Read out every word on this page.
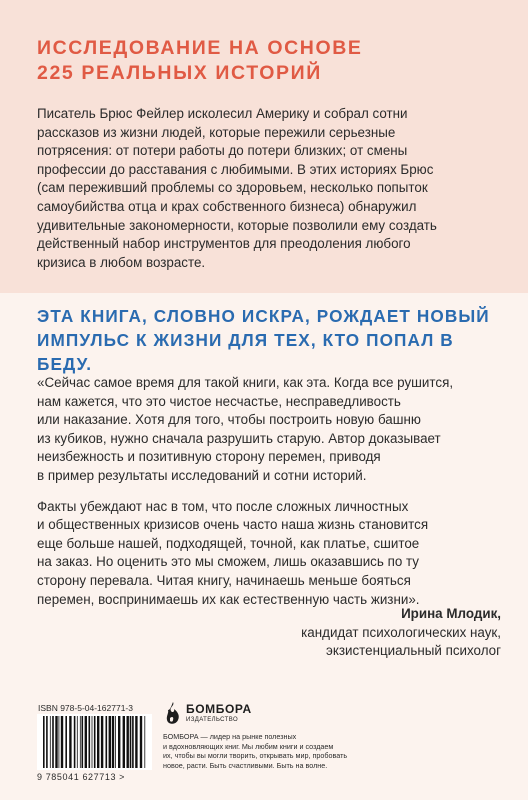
ИССЛЕДОВАНИЕ НА ОСНОВЕ
225 РЕАЛЬНЫХ ИСТОРИЙ
Писатель Брюс Фейлер исколесил Америку и собрал сотни
рассказов из жизни людей, которые пережили серьезные
потрясения: от потери работы до потери близких; от смены
профессии до расставания с любимыми. В этих историях Брюс
(сам переживший проблемы со здоровьем, несколько попыток
самоубийства отца и крах собственного бизнеса) обнаружил
удивительные закономерности, которые позволили ему создать
действенный набор инструментов для преодоления любого
кризиса в любом возрасте.
ЭТА КНИГА, СЛОВНО ИСКРА, РОЖДАЕТ НОВЫЙ
ИМПУЛЬС К ЖИЗНИ ДЛЯ ТЕХ, КТО ПОПАЛ В БЕДУ.

«Сейчас самое время для такой книги, как эта. Когда все рушится,
нам кажется, что это чистое несчастье, несправедливость
или наказание. Хотя для того, чтобы построить новую башню
из кубиков, нужно сначала разрушить старую. Автор доказывает
неизбежность и позитивную сторону перемен, приводя
в пример результаты исследований и сотни историй.

Факты убеждают нас в том, что после сложных личностных
и общественных кризисов очень часто наша жизнь становится
еще больше нашей, подходящей, точной, как платье, сшитое
на заказ. Но оценить это мы сможем, лишь оказавшись по ту
сторону перевала. Читая книгу, начинаешь меньше бояться
перемен, воспринимаешь их как естественную часть жизни».

Ирина Млодик,
кандидат психологических наук,
экзистенциальный психолог
ISBN 978-5-04-162771-3
9 785041 627713 >
БОМБОРА
ИЗДАТЕЛЬСТВО
БОМБОРА — лидер на рынке полезных
и вдохновляющих книг. Мы любим книги и создаем
их, чтобы вы могли творить, открывать мир, пробовать
новое, расти. Быть счастливыми. Быть на волне.
